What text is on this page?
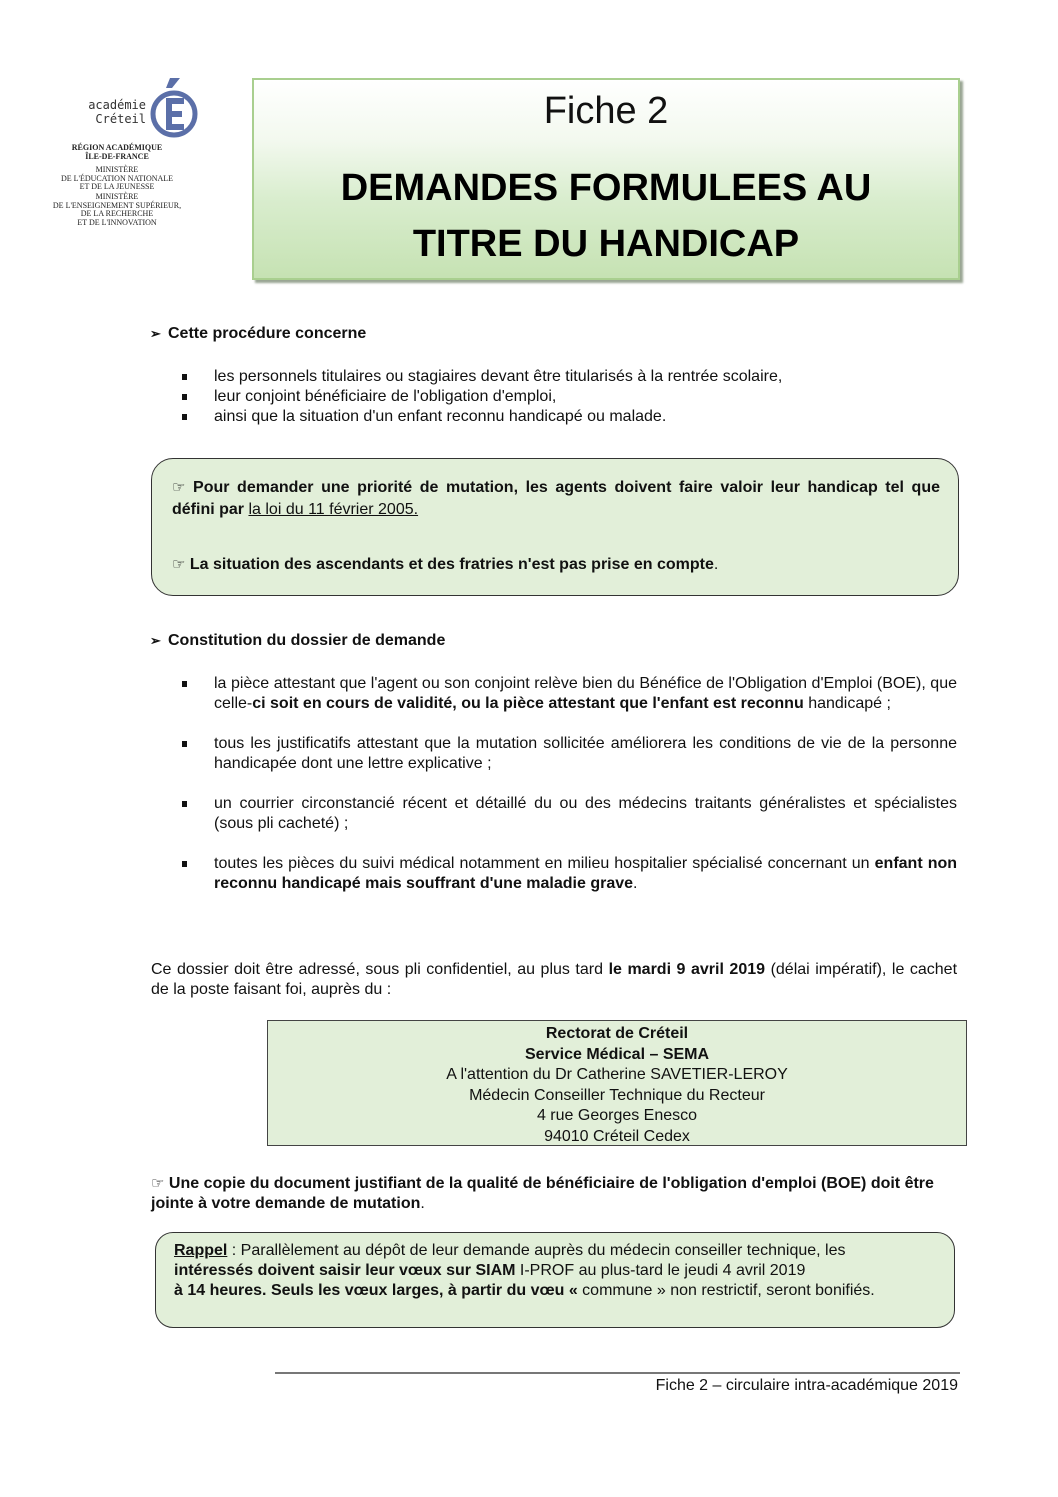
académie
Créteil
RÉGION ACADÉMIQUE
ÎLE-DE-FRANCE
MINISTÈRE
DE L'ÉDUCATION NATIONALE
ET DE LA JEUNESSE
MINISTÈRE
DE L'ENSEIGNEMENT SUPÉRIEUR,
DE LA RECHERCHE
ET DE L'INNOVATION
Fiche 2
DEMANDES FORMULEES AU
TITRE DU HANDICAP
➢ Cette procédure concerne
les personnels titulaires ou stagiaires devant être titularisés à la rentrée scolaire,
leur conjoint bénéficiaire de l'obligation d'emploi,
ainsi que la situation d'un enfant reconnu handicapé ou malade.

☞ Pour demander une priorité de mutation, les agents doivent faire valoir leur handicap tel que défini par la loi du 11 février 2005.

☞ La situation des ascendants et des fratries n'est pas prise en compte.

➢ Constitution du dossier de demande
la pièce attestant que l'agent ou son conjoint relève bien du Bénéfice de l'Obligation d'Emploi (BOE), que celle-ci soit en cours de validité, ou la pièce attestant que l'enfant est reconnu handicapé ;
tous les justificatifs attestant que la mutation sollicitée améliorera les conditions de vie de la personne handicapée dont une lettre explicative ;
un courrier circonstancié récent et détaillé du ou des médecins traitants généralistes et spécialistes (sous pli cacheté) ;
toutes les pièces du suivi médical notamment en milieu hospitalier spécialisé concernant un enfant non reconnu handicapé mais souffrant d'une maladie grave.
Ce dossier doit être adressé, sous pli confidentiel, au plus tard le mardi 9 avril 2019 (délai impératif), le cachet de la poste faisant foi, auprès du :
Rectorat de Créteil
Service Médical – SEMA
A l'attention du Dr Catherine SAVETIER-LEROY
Médecin Conseiller Technique du Recteur
4 rue Georges Enesco
94010 Créteil Cedex
☞ Une copie du document justifiant de la qualité de bénéficiaire de l'obligation d'emploi (BOE) doit être jointe à votre demande de mutation.
Rappel : Parallèlement au dépôt de leur demande auprès du médecin conseiller technique, les
intéressés doivent saisir leur vœux sur SIAM I-PROF au plus-tard le jeudi 4 avril 2019
à 14 heures. Seuls les vœux larges, à partir du vœu « commune » non restrictif, seront bonifiés.
Fiche 2 – circulaire intra-académique 2019
